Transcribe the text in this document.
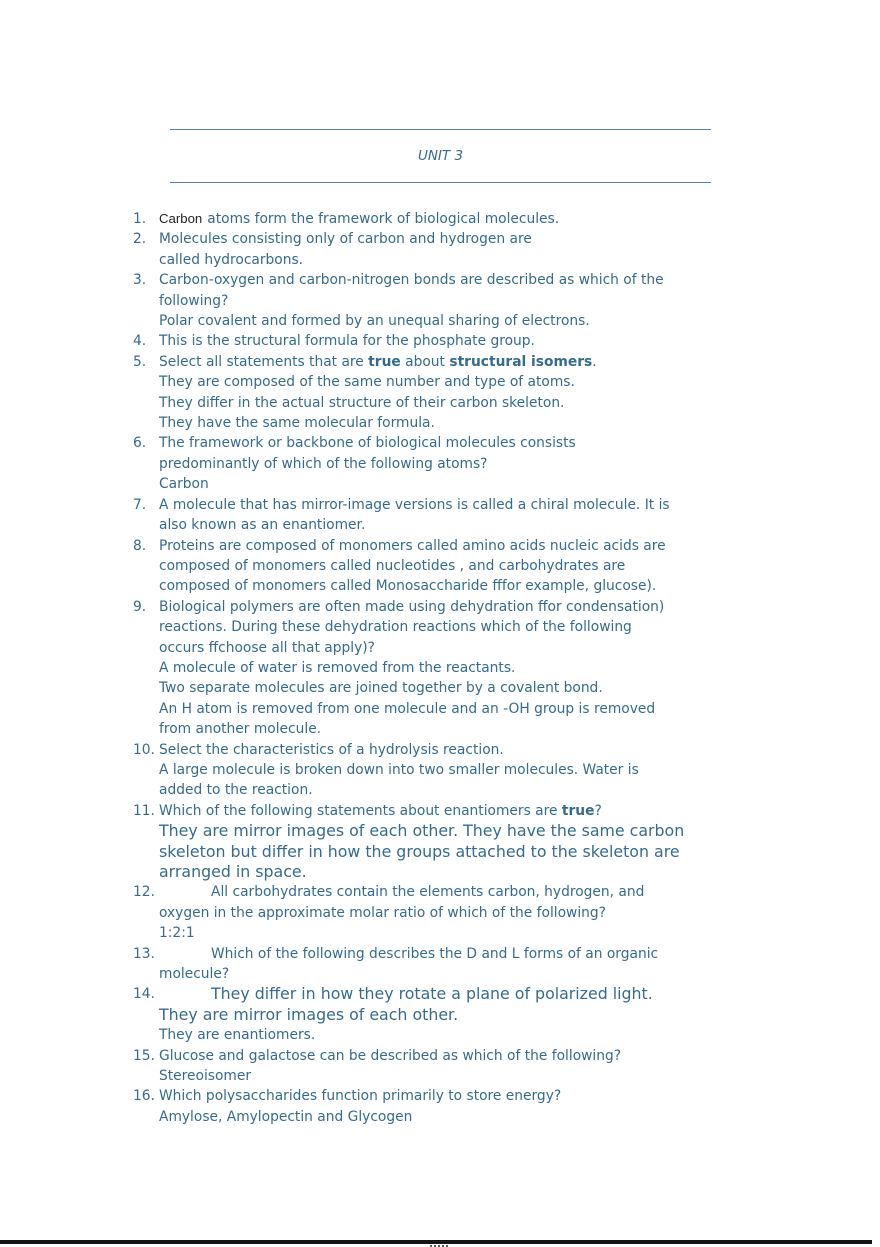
UNIT 3
1. Carbon atoms form the framework of biological molecules.
2. Molecules consisting only of carbon and hydrogen are
called hydrocarbons.
3. Carbon-oxygen and carbon-nitrogen bonds are described as which of the
following?
Polar covalent and formed by an unequal sharing of electrons.
4. This is the structural formula for the phosphate group.
5. Select all statements that are true about structural isomers.
They are composed of the same number and type of atoms.
They differ in the actual structure of their carbon skeleton.
They have the same molecular formula.
6. The framework or backbone of biological molecules consists
predominantly of which of the following atoms?
Carbon
7. A molecule that has mirror-image versions is called a chiral molecule. It is
also known as an enantiomer.
8. Proteins are composed of monomers called amino acids nucleic acids are
composed of monomers called nucleotides , and carbohydrates are
composed of monomers called Monosaccharide fffor example, glucose).
9. Biological polymers are often made using dehydration ffor condensation)
reactions. During these dehydration reactions which of the following
occurs ffchoose all that apply)?
A molecule of water is removed from the reactants.
Two separate molecules are joined together by a covalent bond.
An H atom is removed from one molecule and an -OH group is removed
from another molecule.
10. Select the characteristics of a hydrolysis reaction.
A large molecule is broken down into two smaller molecules. Water is
added to the reaction.
11. Which of the following statements about enantiomers are true?
They are mirror images of each other. They have the same carbon
skeleton but differ in how the groups attached to the skeleton are
arranged in space.
12.	All carbohydrates contain the elements carbon, hydrogen, and
oxygen in the approximate molar ratio of which of the following?
1:2:1
13.	Which of the following describes the D and L forms of an organic
molecule?
14.	They differ in how they rotate a plane of polarized light.
They are mirror images of each other.
They are enantiomers.
15. Glucose and galactose can be described as which of the following?
Stereoisomer
16. Which polysaccharides function primarily to store energy?
Amylose, Amylopectin and Glycogen
